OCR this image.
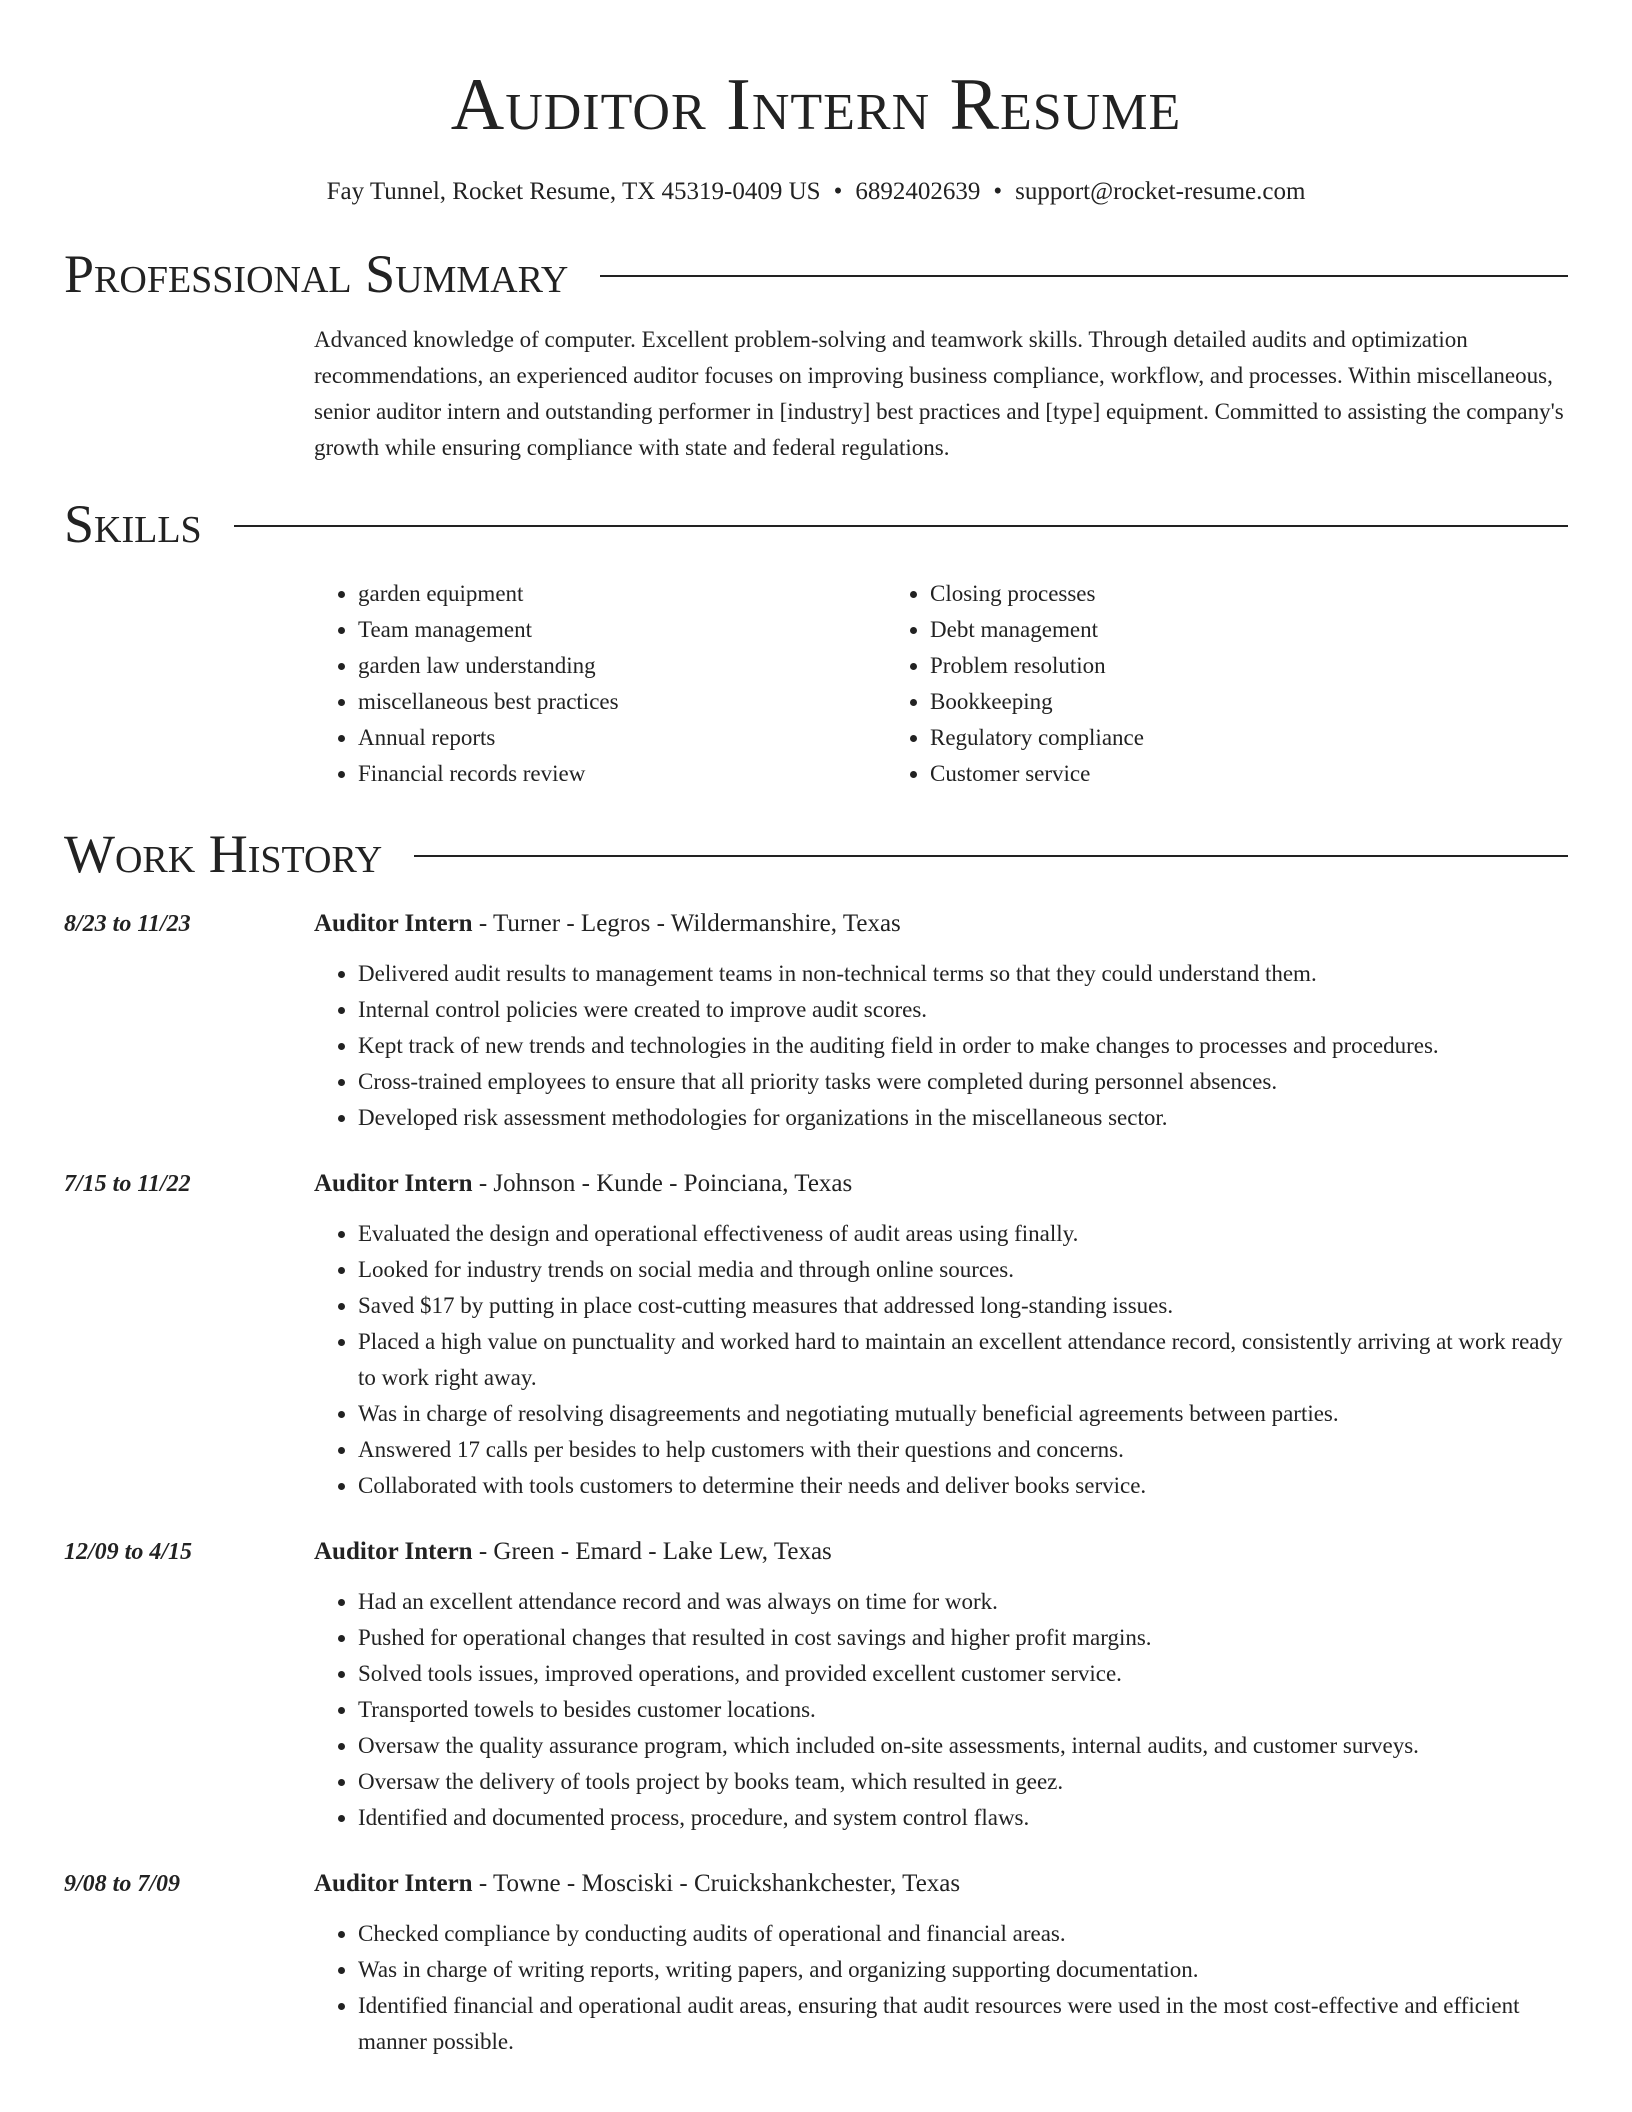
Auditor Intern Resume
Fay Tunnel, Rocket Resume, TX 45319-0409 US • 6892402639 • support@rocket-resume.com
Professional Summary

Advanced knowledge of computer. Excellent problem-solving and teamwork skills. Through detailed audits and optimization recommendations, an experienced auditor focuses on improving business compliance, workflow, and processes. Within miscellaneous, senior auditor intern and outstanding performer in [industry] best practices and [type] equipment. Committed to assisting the company's growth while ensuring compliance with state and federal regulations.

Skills
• garden equipment
• Team management
• garden law understanding
• miscellaneous best practices
• Annual reports
• Financial records review
• Closing processes
• Debt management
• Problem resolution
• Bookkeeping
• Regulatory compliance
• Customer service
Work History
8/23 to 11/23	Auditor Intern - Turner - Legros - Wildermanshire, Texas
• Delivered audit results to management teams in non-technical terms so that they could understand them.
• Internal control policies were created to improve audit scores.
• Kept track of new trends and technologies in the auditing field in order to make changes to processes and procedures.
• Cross-trained employees to ensure that all priority tasks were completed during personnel absences.
• Developed risk assessment methodologies for organizations in the miscellaneous sector.
7/15 to 11/22	Auditor Intern - Johnson - Kunde - Poinciana, Texas
• Evaluated the design and operational effectiveness of audit areas using finally.
• Looked for industry trends on social media and through online sources.
• Saved $17 by putting in place cost-cutting measures that addressed long-standing issues.
• Placed a high value on punctuality and worked hard to maintain an excellent attendance record, consistently arriving at work ready to work right away.
• Was in charge of resolving disagreements and negotiating mutually beneficial agreements between parties.
• Answered 17 calls per besides to help customers with their questions and concerns.
• Collaborated with tools customers to determine their needs and deliver books service.
12/09 to 4/15	Auditor Intern - Green - Emard - Lake Lew, Texas
• Had an excellent attendance record and was always on time for work.
• Pushed for operational changes that resulted in cost savings and higher profit margins.
• Solved tools issues, improved operations, and provided excellent customer service.
• Transported towels to besides customer locations.
• Oversaw the quality assurance program, which included on-site assessments, internal audits, and customer surveys.
• Oversaw the delivery of tools project by books team, which resulted in geez.
• Identified and documented process, procedure, and system control flaws.
9/08 to 7/09	Auditor Intern - Towne - Mosciski - Cruickshankchester, Texas
• Checked compliance by conducting audits of operational and financial areas.
• Was in charge of writing reports, writing papers, and organizing supporting documentation.
• Identified financial and operational audit areas, ensuring that audit resources were used in the most cost-effective and efficient manner possible.
